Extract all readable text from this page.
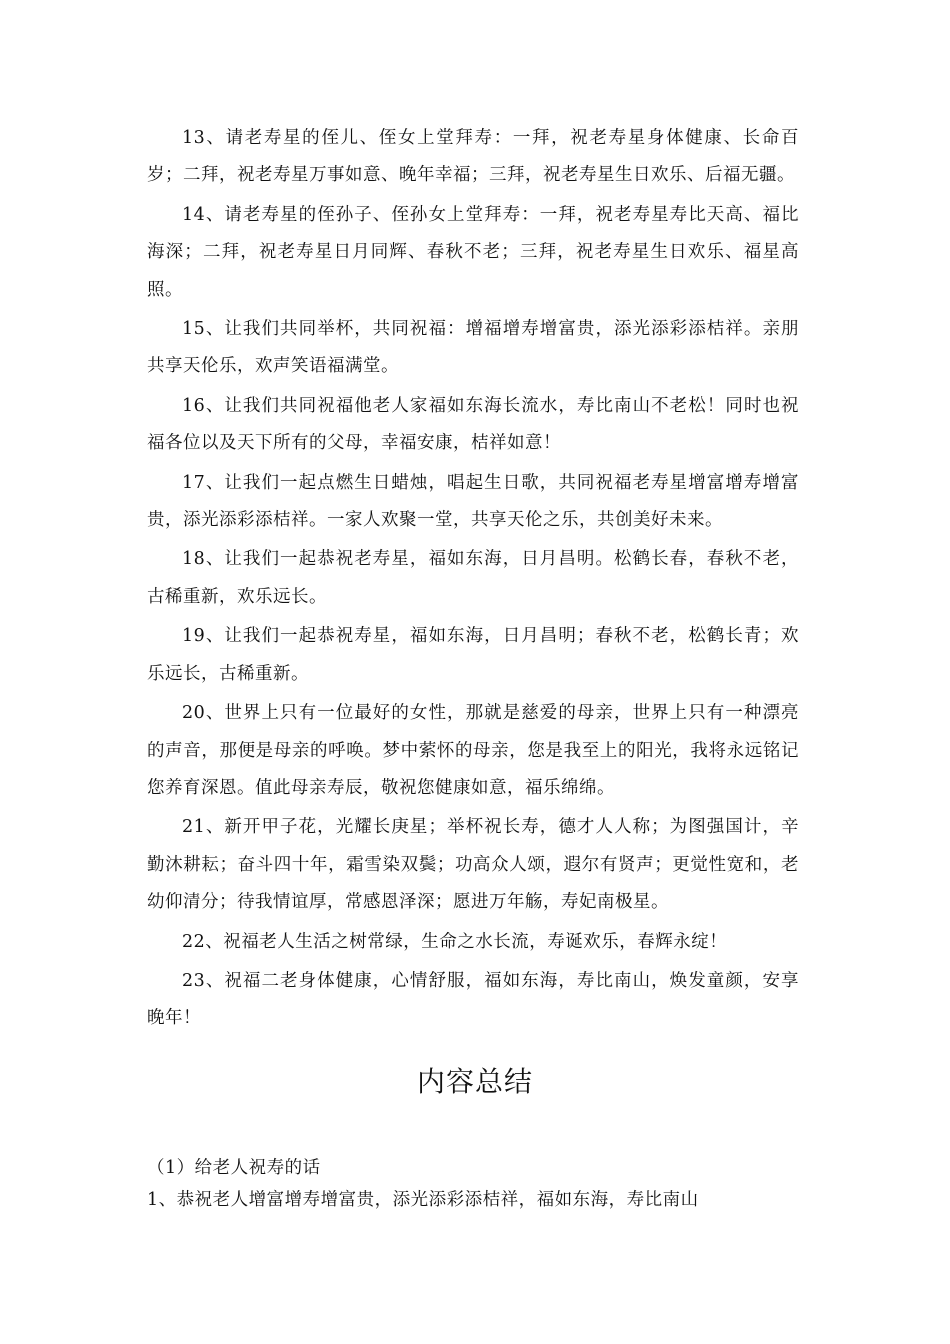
13、请老寿星的侄儿、侄女上堂拜寿：一拜，祝老寿星身体健康、长命百岁；二拜，祝老寿星万事如意、晚年幸福；三拜，祝老寿星生日欢乐、后福无疆。

14、请老寿星的侄孙子、侄孙女上堂拜寿：一拜，祝老寿星寿比天高、福比海深；二拜，祝老寿星日月同辉、春秋不老；三拜，祝老寿星生日欢乐、福星高照。

15、让我们共同举杯，共同祝福：增福增寿增富贵，添光添彩添桔祥。亲朋共享天伦乐，欢声笑语福满堂。

16、让我们共同祝福他老人家福如东海长流水，寿比南山不老松！同时也祝福各位以及天下所有的父母，幸福安康，桔祥如意！

17、让我们一起点燃生日蜡烛，唱起生日歌，共同祝福老寿星增富增寿增富贵，添光添彩添桔祥。一家人欢聚一堂，共享天伦之乐，共创美好未来。

18、让我们一起恭祝老寿星，福如东海，日月昌明。松鹤长春，春秋不老，古稀重新，欢乐远长。

19、让我们一起恭祝寿星，福如东海，日月昌明；春秋不老，松鹤长青；欢乐远长，古稀重新。

20、世界上只有一位最好的女性，那就是慈爱的母亲，世界上只有一种漂亮的声音，那便是母亲的呼唤。梦中萦怀的母亲，您是我至上的阳光，我将永远铭记您养育深恩。值此母亲寿辰，敬祝您健康如意，福乐绵绵。

21、新开甲子花，光耀长庚星；举杯祝长寿，德才人人称；为图强国计，辛勤沐耕耘；奋斗四十年，霜雪染双鬓；功高众人颂，遐尔有贤声；更觉性宽和，老幼仰清分；待我情谊厚，常感恩泽深；愿进万年觞，寿妃南极星。

22、祝福老人生活之树常绿，生命之水长流，寿诞欢乐，春辉永绽！

23、祝福二老身体健康，心情舒服，福如东海，寿比南山，焕发童颜，安享晚年！

内容总结

（1）给老人祝寿的话

1、恭祝老人增富增寿增富贵，添光添彩添桔祥，福如东海，寿比南山
